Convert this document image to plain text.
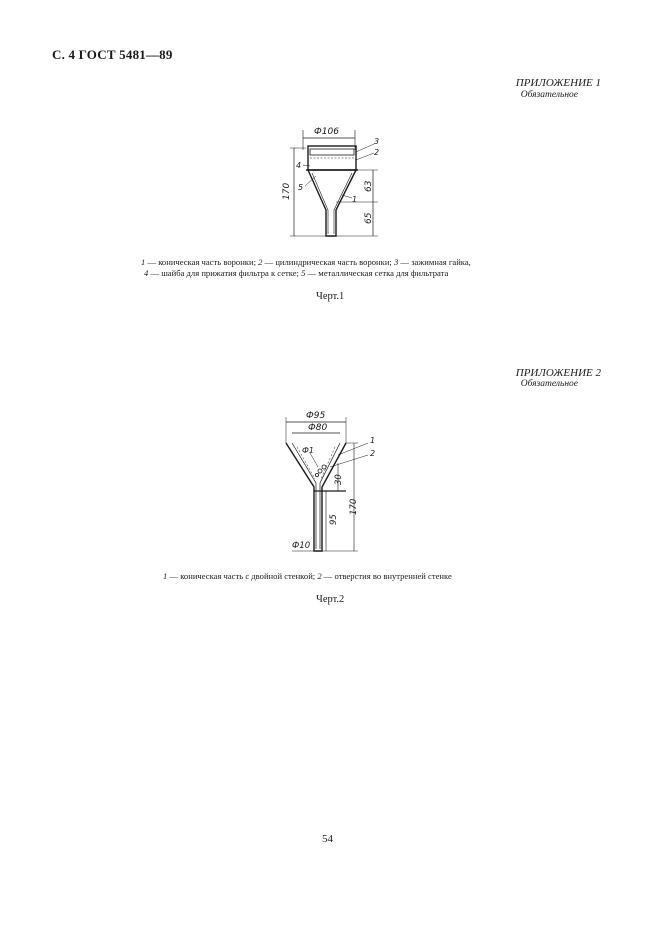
С. 4 ГОСТ 5481—89
ПРИЛОЖЕНИЕ 1
Обязательное
Ф106
170	63
65
3
2
4
5
1
1 — коническая часть воронки; 2 — цилиндрическая часть воронки; 3 — зажимная гайка,
4 — шайба для прижатия фильтра к сетке; 5 — металлическая сетка для фильтрата
Черт.1
ПРИЛОЖЕНИЕ 2
Обязательное
Ф95
Ф80
Ф1
1
2
30
170
95
Ф10
1 — коническая часть с двойной стенкой; 2 — отверстия во внутренней стенке
Черт.2
54
